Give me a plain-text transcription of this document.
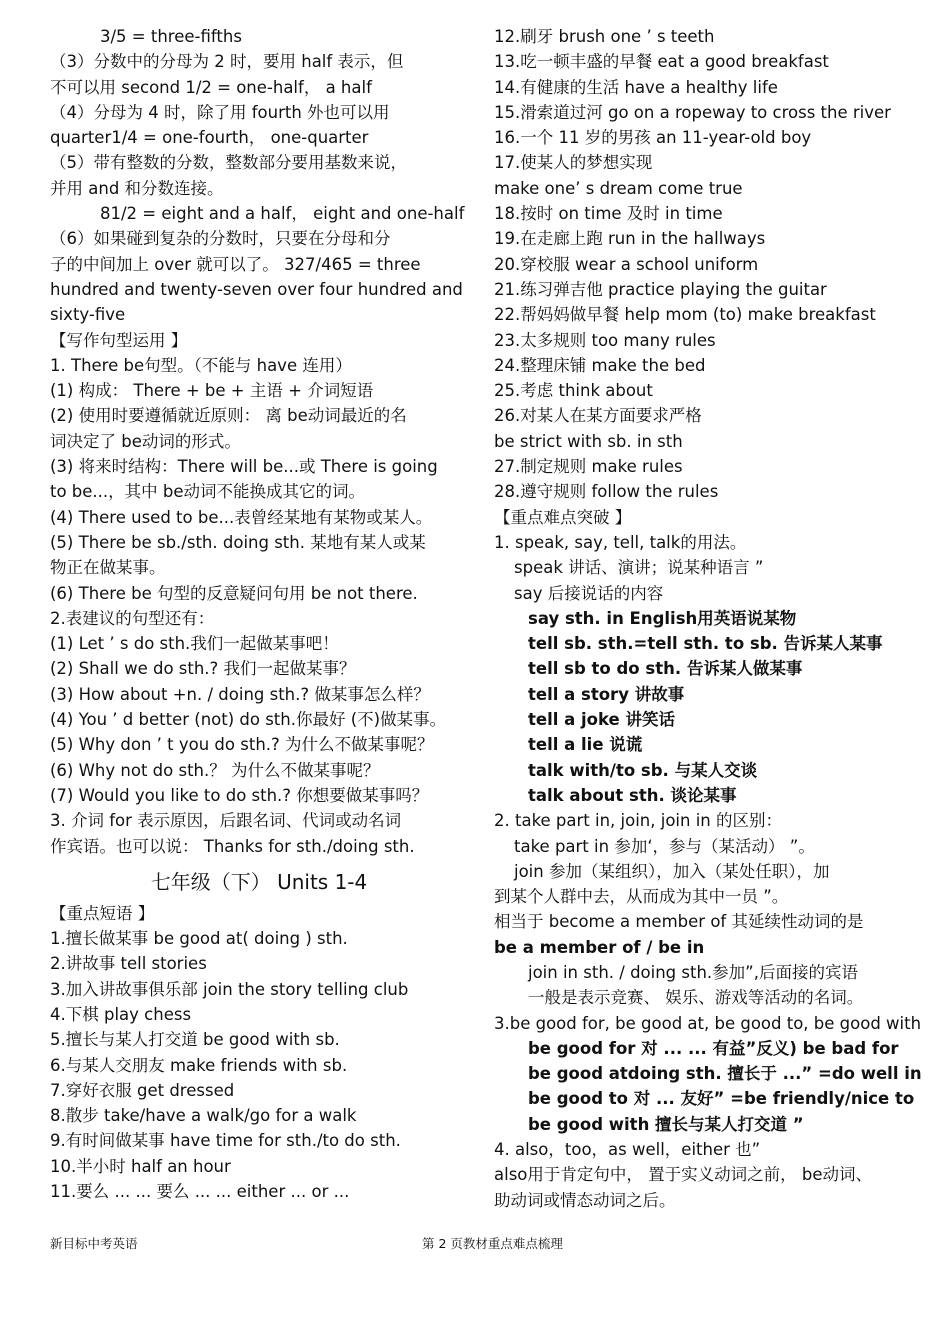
3/5 = three-fifths
（3）分数中的分母为 2 时，要用 half 表示，但
不可以用 second 1/2 = one-half， a half
（4）分母为 4 时，除了用 fourth 外也可以用
quarter1/4 = one-fourth， one-quarter
（5）带有整数的分数，整数部分要用基数来说，
并用 and 和分数连接。
81/2 = eight and a half， eight and one-half
（6）如果碰到复杂的分数时，只要在分母和分
子的中间加上 over 就可以了。 327/465 = three
hundred and twenty-seven over four hundred and
sixty-five
【写作句型运用 】
1. There be句型。（不能与 have 连用）
(1) 构成： There + be + 主语 + 介词短语
(2) 使用时要遵循就近原则： 离 be动词最近的名
词决定了 be动词的形式。
(3) 将来时结构：There will be...或 There is going
to be...，其中 be动词不能换成其它的词。
(4) There used to be...表曾经某地有某物或某人。
(5) There be sb./sth. doing sth. 某地有某人或某
物正在做某事。
(6) There be 句型的反意疑问句用 be not there.
2.表建议的句型还有：
(1) Let ’ s do sth.我们一起做某事吧！
(2) Shall we do sth.? 我们一起做某事？
(3) How about +n. / doing sth.? 做某事怎么样？
(4) You ’ d better (not) do sth.你最好 (不)做某事。
(5) Why don ’ t you do sth.? 为什么不做某事呢？
(6) Why not do sth.？ 为什么不做某事呢？
(7) Would you like to do sth.? 你想要做某事吗？
3. 介词 for 表示原因，后跟名词、代词或动名词
作宾语。也可以说： Thanks for sth./doing sth.
七年级（下） Units 1-4
【重点短语 】
1.擅长做某事 be good at( doing ) sth.
2.讲故事 tell stories
3.加入讲故事俱乐部 join the story telling club
4.下棋 play chess
5.擅长与某人打交道 be good with sb.
6.与某人交朋友 make friends with sb.
7.穿好衣服 get dressed
8.散步 take/have a walk/go for a walk
9.有时间做某事 have time for sth./to do sth.
10.半小时 half an hour
11.要么 ... ... 要么 ... ... either ... or ...
12.刷牙 brush one ’ s teeth
13.吃一顿丰盛的早餐 eat a good breakfast
14.有健康的生活 have a healthy life
15.滑索道过河 go on a ropeway to cross the river
16.一个 11 岁的男孩 an 11-year-old boy
17.使某人的梦想实现
make one’ s dream come true
18.按时 on time 及时 in time
19.在走廊上跑 run in the hallways
20.穿校服 wear a school uniform
21.练习弹吉他 practice playing the guitar
22.帮妈妈做早餐 help mom (to) make breakfast
23.太多规则 too many rules
24.整理床铺 make the bed
25.考虑 think about
26.对某人在某方面要求严格
be strict with sb. in sth
27.制定规则 make rules
28.遵守规则 follow the rules
【重点难点突破 】
1. speak, say, tell, talk的用法。
speak 讲话、演讲；说某种语言 ”
say 后接说话的内容
say sth. in English用英语说某物
tell sb. sth.=tell sth. to sb. 告诉某人某事
tell sb to do sth. 告诉某人做某事
tell a story 讲故事
tell a joke 讲笑话
tell a lie 说谎
talk with/to sb. 与某人交谈
talk about sth. 谈论某事
2. take part in, join, join in 的区别：
take part in 参加‘，参与（某活动） ”。
join 参加（某组织），加入（某处任职），加
到某个人群中去，从而成为其中一员 ”。
相当于 become a member of 其延续性动词的是
be a member of / be in
join in sth. / doing sth.参加”,后面接的宾语
一般是表示竞赛、 娱乐、游戏等活动的名词。
3.be good for, be good at, be good to, be good with
be good for 对 ... ... 有益”反义) be bad for
be good atdoing sth. 擅长于 ...” =do well in
be good to 对 ... 友好” =be friendly/nice to
be good with 擅长与某人打交道 ”
4. also，too，as well，either 也”
also用于肯定句中， 置于实义动词之前， be动词、
助动词或情态动词之后。
新目标中考英语	第 2 页教材重点难点梳理
